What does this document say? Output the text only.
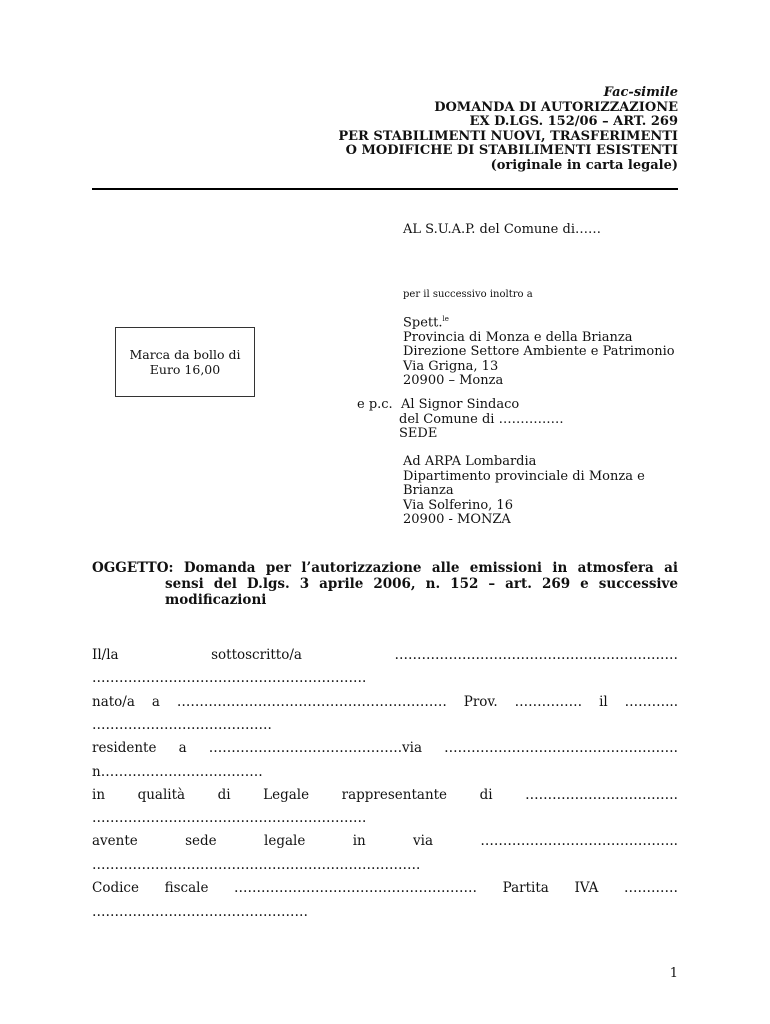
Fac-simile
DOMANDA DI AUTORIZZAZIONE
EX D.LGS. 152/06 – ART. 269
PER STABILIMENTI NUOVI, TRASFERIMENTI
O MODIFICHE DI STABILIMENTI ESISTENTI
(originale in carta legale)
AL S.U.A.P. del Comune di……
per il successivo inoltro a
Spett.$^{le}$
Provincia di Monza e della Brianza
Direzione Settore Ambiente e Patrimonio
Via Grigna, 13
20900 – Monza
e p.c. Al Signor Sindaco
del Comune di ……………
SEDE
Ad ARPA Lombardia
Dipartimento provinciale di Monza e
Brianza
Via Solferino, 16
20900 - MONZA
Marca da bollo di
Euro 16,00
OGGETTO: Domanda per l’autorizzazione alle emissioni in atmosfera ai
sensi del D.lgs. 3 aprile 2006, n. 152 – art. 269 e successive
modificazioni
Il/la	sottoscritto/a	………………………………………………………
…………………………………………………….
nato/a a …………………………………………………… Prov. …………… il ………...
………………………………….
residente a …………………………………….via …………………………………………….
n………………………………
in qualità di Legale rappresentante di …………………………….
…………………………………………………….
avente	sede	legale	in	via	……………………………………..
……………………………………………………………….
Codice fiscale ……………………………………………… Partita IVA …………
…………………………………………
1
